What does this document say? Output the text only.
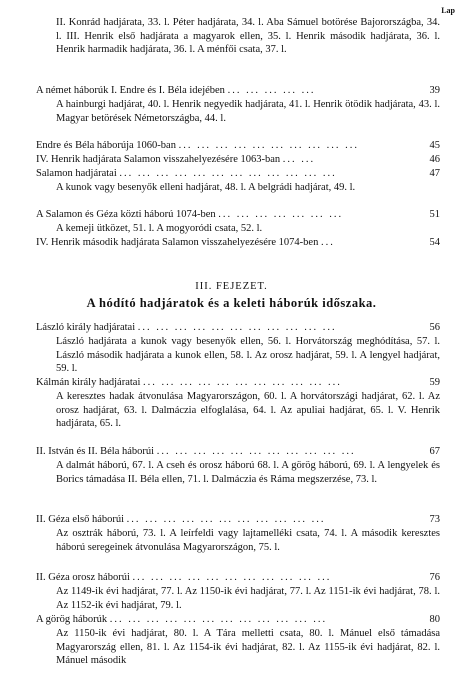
Lap
II. Konrád hadjárata, 33. l. Péter hadjárata, 34. l. Aba Sámuel botörése Bajorországba, 34. l. III. Henrik első hadjárata a magyarok ellen, 35. l. Henrik második hadjárata, 36. l. Henrik harmadik hadjárata, 36. l. A ménfői csata, 37. l.
A német háborúk I. Endre és I. Béla idejében ... ... ... ... ...	39
A hainburgi hadjárat, 40. l. Henrik negyedik hadjárata, 41. l. Henrik ötödik hadjárata, 43. l. Magyar betörések Németországba, 44. l.
Endre és Béla háborúja 1060-ban ... ... ... ... ... ... ... ... ... ...	45
IV. Henrik hadjárata Salamon visszahelyezésére 1063-ban ... ...	46
Salamon hadjáratai ... ... ... ... ... ... ... ... ... ... ... ...	47
A kunok vagy besenyők elleni hadjárat, 48. l. A belgrádi hadjárat, 49. l.
A Salamon és Géza közti háború 1074-ben ... ... ... ... ... ... ...	51
A kemeji ütközet, 51. l. A mogyoródi csata, 52. l.
IV. Henrik második hadjárata Salamon visszahelyezésére 1074-ben ...	54
III. FEJEZET.
A hódító hadjáratok és a keleti háborúk időszaka.
László király hadjáratai ... ... ... ... ... ... ... ... ... ... ...	56
László hadjárata a kunok vagy besenyők ellen, 56. l. Horvátország meghódítása, 57. l. László második hadjárata a kunok ellen, 58. l. Az orosz hadjárat, 59. l. A lengyel hadjárat, 59. l.
Kálmán király hadjáratai ... ... ... ... ... ... ... ... ... ... ...	59
A keresztes hadak átvonulása Magyarországon, 60. l. A horvátországi hadjárat, 62. l. Az orosz hadjárat, 63. l. Dalmáczia elfoglalása, 64. l. Az apuliai hadjárat, 65. l. V. Henrik hadjárata, 65. l.
II. István és II. Béla háborúi ... ... ... ... ... ... ... ... ... ... ...	67
A dalmát háború, 67. l. A cseh és orosz háború 68. l. A görög háború, 69. l. A lengyelek és Borics támadása II. Béla ellen, 71. l. Dalmáczia és Ráma megszerzése, 73. l.
II. Géza első háborúi ... ... ... ... ... ... ... ... ... ... ...	73
Az osztrák háború, 73. l. A leírfeldi vagy lajtamelléki csata, 74. l. A második keresztes háború seregeinek átvonulása Magyarországon, 75. l.
II. Géza orosz háborúi ... ... ... ... ... ... ... ... ... ... ...	76
Az 1149-ik évi hadjárat, 77. l. Az 1150-ik évi hadjárat, 77. l. Az 1151-ik évi hadjárat, 78. l. Az 1152-ik évi hadjárat, 79. l.
A görög háborúk ... ... ... ... ... ... ... ... ... ... ... ...	80
Az 1150-ik évi hadjárat, 80. l. A Tára melletti csata, 80. l. Mánuel első támadása Magyarország ellen, 81. l. Az 1154-ik évi hadjárat, 82. l. Az 1155-ik évi hadjárat, 82. l. Mánuel második
